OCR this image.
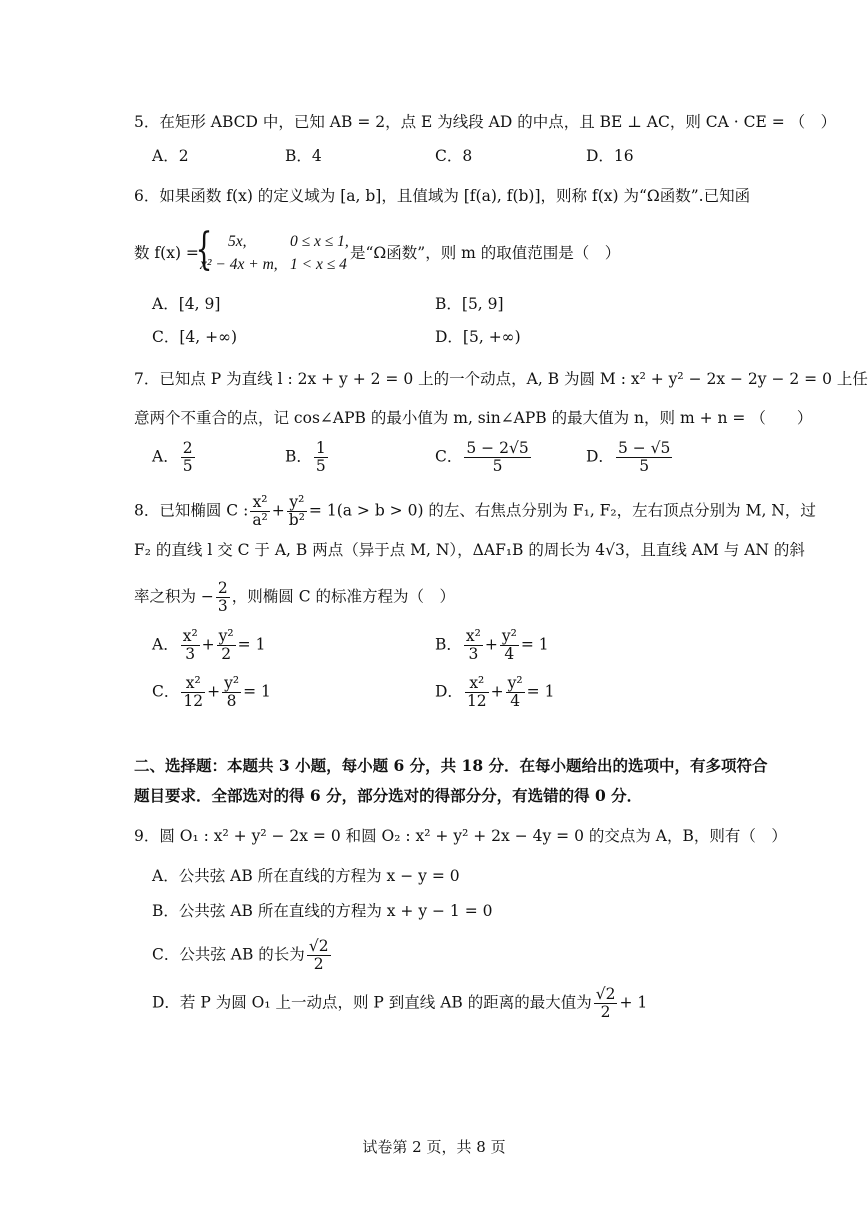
5．在矩形 ABCD 中，已知 AB = 2，点 E 为线段 AD 的中点，且 BE ⊥ AC，则 CA · CE = （　）
A．2	B．4	C．8	D．16
6．如果函数 f(x) 的定义域为 [a, b]，且值域为 [f(a), f(b)]，则称 f(x) 为“Ω函数”.已知函
数 f(x) =
{ 5x,	0 ≤ x ≤ 1,
x² − 4x + m, 1 < x ≤ 4
是“Ω函数”，则 m 的取值范围是（　）
A．[4, 9]	B．[5, 9]
C．[4, +∞)	D．[5, +∞)
7．已知点 P 为直线 l : 2x + y + 2 = 0 上的一个动点，A, B 为圆 M : x² + y² − 2x − 2y − 2 = 0 上任
意两个不重合的点，记 cos∠APB 的最小值为 m, sin∠APB 的最大值为 n，则 m + n = （　　）
A． $\frac{2}{5}$	B． $\frac{1}{5}$	C． $\frac{5 - 2√5}{5}$	D． $\frac{5 - √5}{5}$
8．已知椭圆 C : $\frac{\text{x²}}{\text{a²}} + \frac{\text{y²}}{\text{b²}} = 1(a > b > 0)$ 的左、右焦点分别为 F₁, F₂，左右顶点分别为 M, N，过
F₂ 的直线 l 交 C 于 A, B 两点（异于点 M, N），ΔAF₁B 的周长为 4√3，且直线 AM 与 AN 的斜
率之积为 − $\frac{2}{3}$ ，则椭圆 C 的标准方程为（　）
A． $\frac{\text{x²}}{3} + \frac{\text{y²}}{2} = 1$	B． $\frac{\text{x²}}{3} + \frac{\text{y²}}{4} = 1$
C． $\frac{\text{x²}}{12} + \frac{\text{y²}}{8} = 1$	D． $\frac{\text{x²}}{12} + \frac{\text{y²}}{4} = 1$
二、选择题：本题共 3 小题，每小题 6 分，共 18 分．在每小题给出的选项中，有多项符合
题目要求．全部选对的得 6 分，部分选对的得部分分，有选错的得 0 分．
9．圆 O₁ : x² + y² − 2x = 0 和圆 O₂ : x² + y² + 2x − 4y = 0 的交点为 A，B，则有（　）
A．公共弦 AB 所在直线的方程为 x − y = 0
B．公共弦 AB 所在直线的方程为 x + y − 1 = 0
C．公共弦 AB 的长为 $\frac{√2}{2}$
D．若 P 为圆 O₁ 上一动点，则 P 到直线 AB 的距离的最大值为 $\frac{√2}{2} + 1$
试卷第 2 页，共 8 页
